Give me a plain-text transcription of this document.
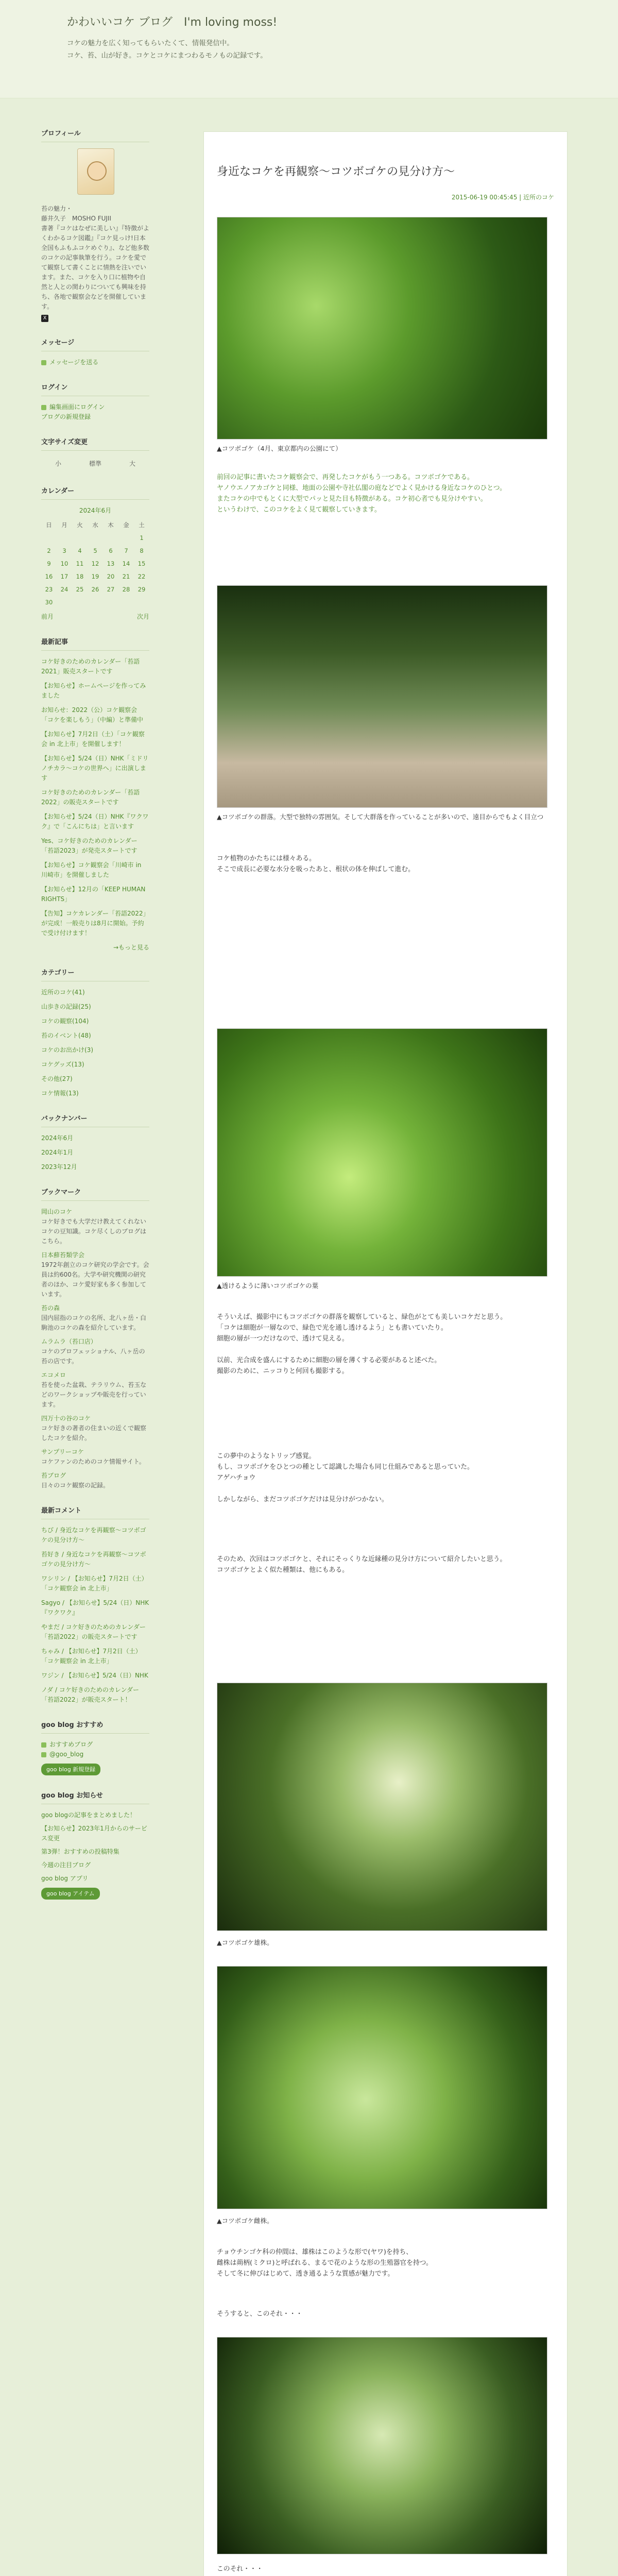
かわいいコケ ブログ　I'm loving moss!
コケの魅力を広く知ってもらいたくて、情報発信中。
コケ、苔、山が好き。コケとコケにまつわるモノもの記録です。
プロフィール
苔の魅力・
藤井久子　MOSHO FUJII
書著『コケはなぜに美しい』『特徴がよくわかるコケ図鑑』『コケ見っけ!日本全国もふもふコケめぐり』、など他多数のコケの記事執筆を行う。コケを愛でて観察して書くことに情熱を注いでいます。また、コケを入り口に植物や自然と人との関わりについても興味を持ち、各地で観察会などを開催しています。
X
メッセージ
メッセージを送る
ログイン
編集画面にログイン
ブログの新規登録
文字サイズ変更
小	標準	大
カレンダー
2024年6月
日	月	火	水	木	金	土
						1
2	3	4	5	6	7	8
9	10	11	12	13	14	15
16	17	18	19	20	21	22
23	24	25	26	27	28	29
30						
前月	次月
最新記事
コケ好きのためのカレンダー「苔語2021」販売スタートです
【お知らせ】ホームページを作ってみました
お知らせ：2022（公）コケ観察会「コケを楽しもう」（中編）と準備中
【お知らせ】7月2日（土）「コケ観察会 in 北上市」を開催します！
【お知らせ】5/24（日）NHK「ミドリノチカラ〜コケの世界へ」に出演します
コケ好きのためのカレンダー「苔語2022」の販売スタートです
【お知らせ】5/24（日）NHK『ワクワク』で「こんにちは」と言います
Yes、コケ好きのためのカレンダー「苔語2023」が発売スタートです
【お知らせ】コケ観察会「川崎市 in 川崎市」を開催しました
【お知らせ】12月の「KEEP HUMAN RIGHTS」
【告知】コケカレンダー「苔語2022」が完成！一般売りは8月に開始。予約で受け付けます！
→もっと見る
カテゴリー
近所のコケ(41)
山歩きの記録(25)
コケの観察(104)
苔のイベント(48)
コケのお出かけ(3)
コケグッズ(13)
その他(27)
コケ情報(13)
バックナンバー
2024年6月
2024年1月
2023年12月
ブックマーク
岡山のコケ
コケ好きでも大学だけ教えてくれないコケの豆知識。コケ尽くしのブログはこちら。
日本蘚苔類学会
1972年創立のコケ研究の学会です。会員は約600名。大学や研究機関の研究者のほか、コケ愛好家も多く参加しています。
苔の森
国内屈指のコケの名所、北八ヶ岳・白駒池のコケの森を紹介しています。
ムラムラ（苔口店）
コケのプロフェッショナル、八ヶ岳の苔の店です。
エコメロ
苔を使った盆栽、テラリウム、苔玉などのワークショップや販売を行っています。
四万十の谷のコケ
コケ好きの著者の住まいの近くで観察したコケを紹介。
サンプリーコケ
コケファンのためのコケ情報サイト。
苔ブログ
日々のコケ観察の記録。
最新コメント
ちび / 身近なコケを再観察〜コツボゴケの見分け方〜
苔好き / 身近なコケを再観察〜コツボゴケの見分け方〜
ワシリン / 【お知らせ】7月2日（土）「コケ観察会 in 北上市」
Sagyo / 【お知らせ】5/24（日）NHK『ワクワク』
やまだ / コケ好きのためのカレンダー「苔語2022」の販売スタートです
ちゃみ / 【お知らせ】7月2日（土）「コケ観察会 in 北上市」
ワジン / 【お知らせ】5/24（日）NHK
ノダ / コケ好きのためのカレンダー「苔語2022」が販売スタート！
goo blog おすすめ
おすすめブログ
@goo_blog
goo blog 新規登録
goo blog お知らせ
goo blogの記事をまとめました！
【お知らせ】2023年1月からのサービス変更
第3弾！おすすめの投稿特集
今週の注目ブログ
goo blog アプリ
goo blog アイテム
身近なコケを再観察〜コツボゴケの見分け方〜
2015-06-19 00:45:45 | 近所のコケ
▲コツボゴケ（4月、東京都内の公園にて）
前回の記事に書いたコケ観察会で、再発したコケがもう一つある。コツボゴケである。
ヤノウエノアカゴケと同様、地面の公園や寺社仏閣の庭などでよく見かける身近なコケのひとつ。
またコケの中でもとくに大型でパッと見た目も特徴がある。コケ初心者でも見分けやすい。
というわけで、このコケをよく見て観察していきます。
▲コツボゴケの群落。大型で独特の雰囲気。そして大群落を作っていることが多いので、遠目からでもよく目立つ
コケ植物のかたちには様々ある。
そこで成長に必要な水分を吸ったあと、根状の体を伸ばして進む。
▲透けるように薄いコツボゴケの葉
そういえば、撮影中にもコツボゴケの群落を観察していると、緑色がとても美しいコケだと思う。
「コケは細胞が一層なので、緑色で光を通し透けるよう」とも書いていたり。
細胞の層が一つだけなので、透けて見える。

以前、光合成を盛んにするために細胞の層を薄くする必要があると述べた。
撮影のために、ニッコりと何回も撮影する。
この夢中のようなトリップ感覚。
もし、コツボゴケをひとつの種として認識した場合も同じ仕組みであると思っていた。
アゲハチョウ

しかしながら、まだコツボゴケだけは見分けがつかない。
そのため、次回はコツボゴケと、それにそっくりな近縁種の見分け方について紹介したいと思う。
コツボゴケとよく似た種類は、他にもある。
▲コツボゴケ雄株。
▲コツボゴケ雌株。
チョウチンゴケ科の仲間は、雄株はこのような形で(ヤワ)を持ち、
雌株は蒴柄(ミクロ)と呼ばれる、まるで花のような形の生殖器官を持つ。
そして冬に伸びはじめて、透き通るような質感が魅力です。
そうすると、このそれ・・・
このそれ・・・
